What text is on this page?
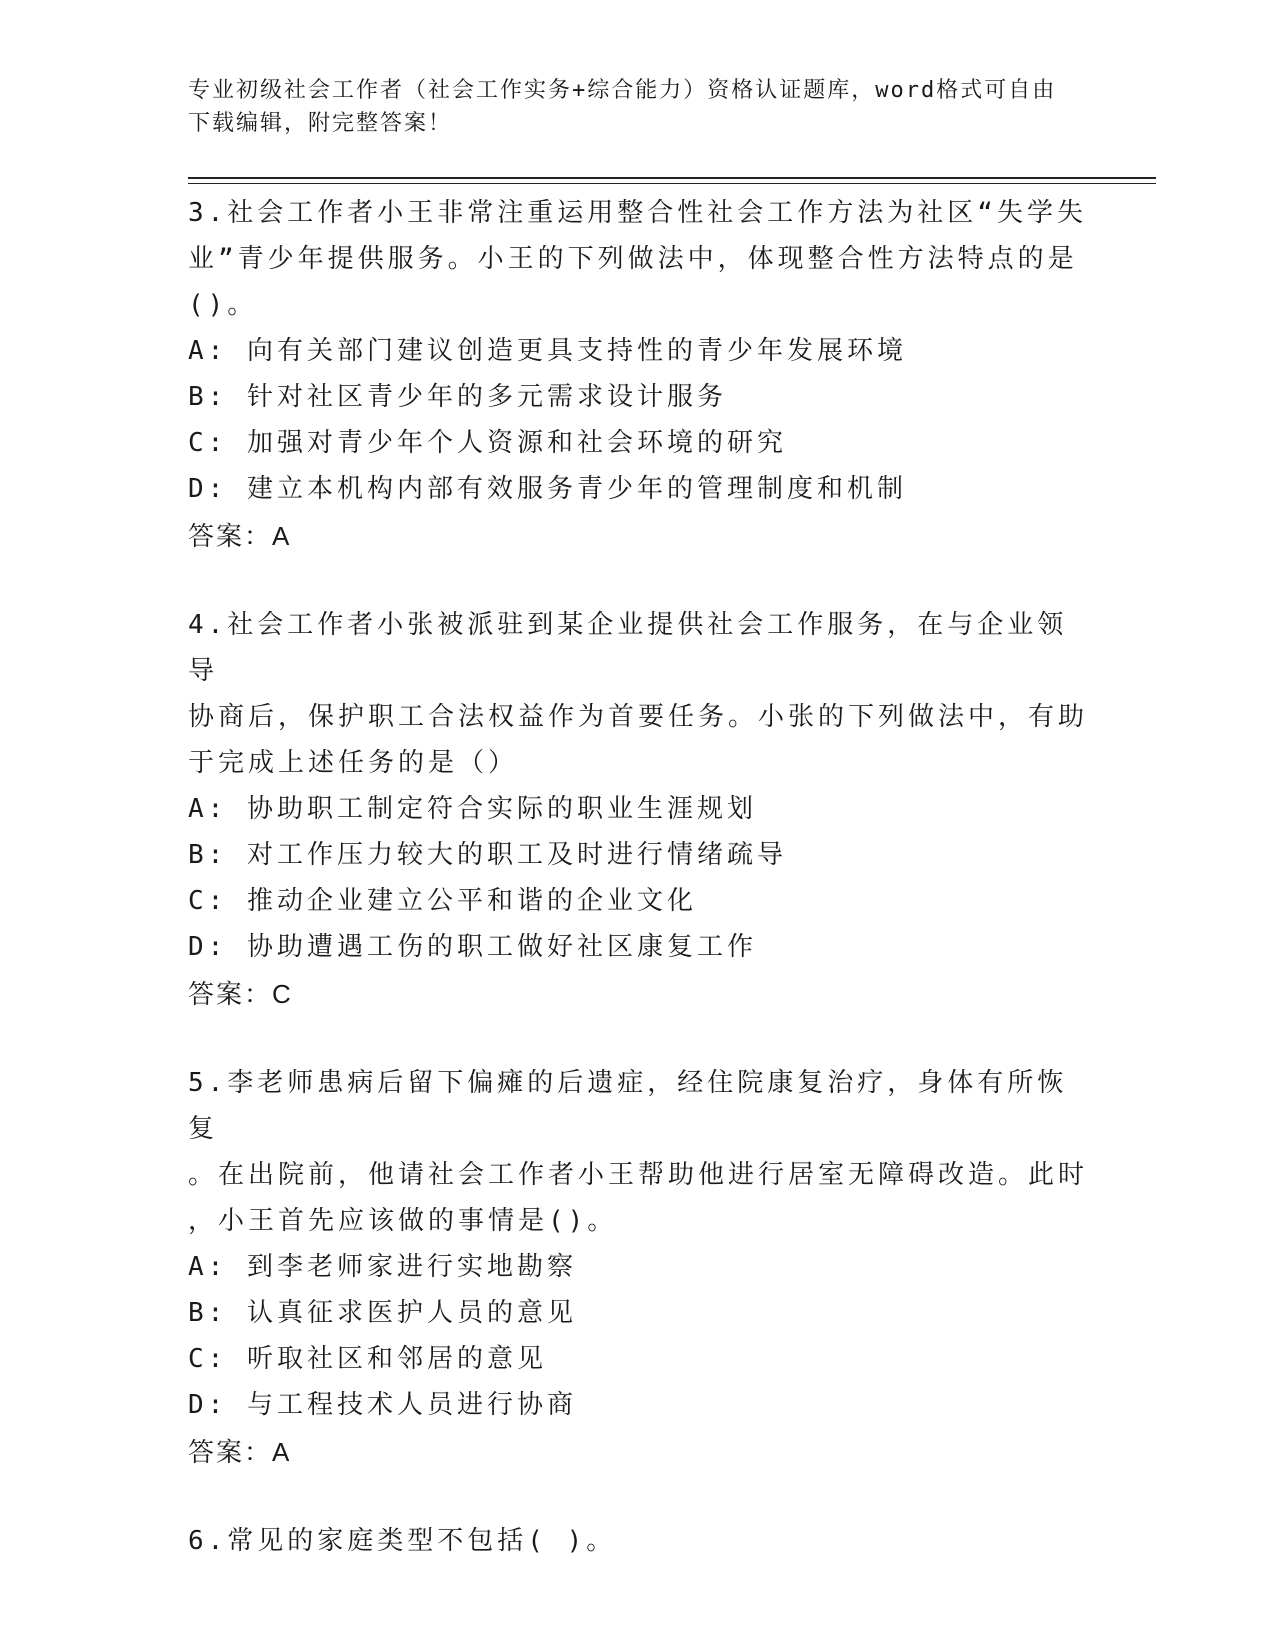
专业初级社会工作者（社会工作实务+综合能力）资格认证题库，word格式可自由
下载编辑，附完整答案！
3.社会工作者小王非常注重运用整合性社会工作方法为社区“失学失
业”青少年提供服务。小王的下列做法中，体现整合性方法特点的是
()。
A: 向有关部门建议创造更具支持性的青少年发展环境
B: 针对社区青少年的多元需求设计服务
C: 加强对青少年个人资源和社会环境的研究
D: 建立本机构内部有效服务青少年的管理制度和机制
答案：A
4.社会工作者小张被派驻到某企业提供社会工作服务，在与企业领导
协商后，保护职工合法权益作为首要任务。小张的下列做法中，有助
于完成上述任务的是（）
A: 协助职工制定符合实际的职业生涯规划
B: 对工作压力较大的职工及时进行情绪疏导
C: 推动企业建立公平和谐的企业文化
D: 协助遭遇工伤的职工做好社区康复工作
答案：C
5.李老师患病后留下偏瘫的后遗症，经住院康复治疗，身体有所恢复
。在出院前，他请社会工作者小王帮助他进行居室无障碍改造。此时
，小王首先应该做的事情是()。
A: 到李老师家进行实地勘察
B: 认真征求医护人员的意见
C: 听取社区和邻居的意见
D: 与工程技术人员进行协商
答案：A
6.常见的家庭类型不包括( )。
